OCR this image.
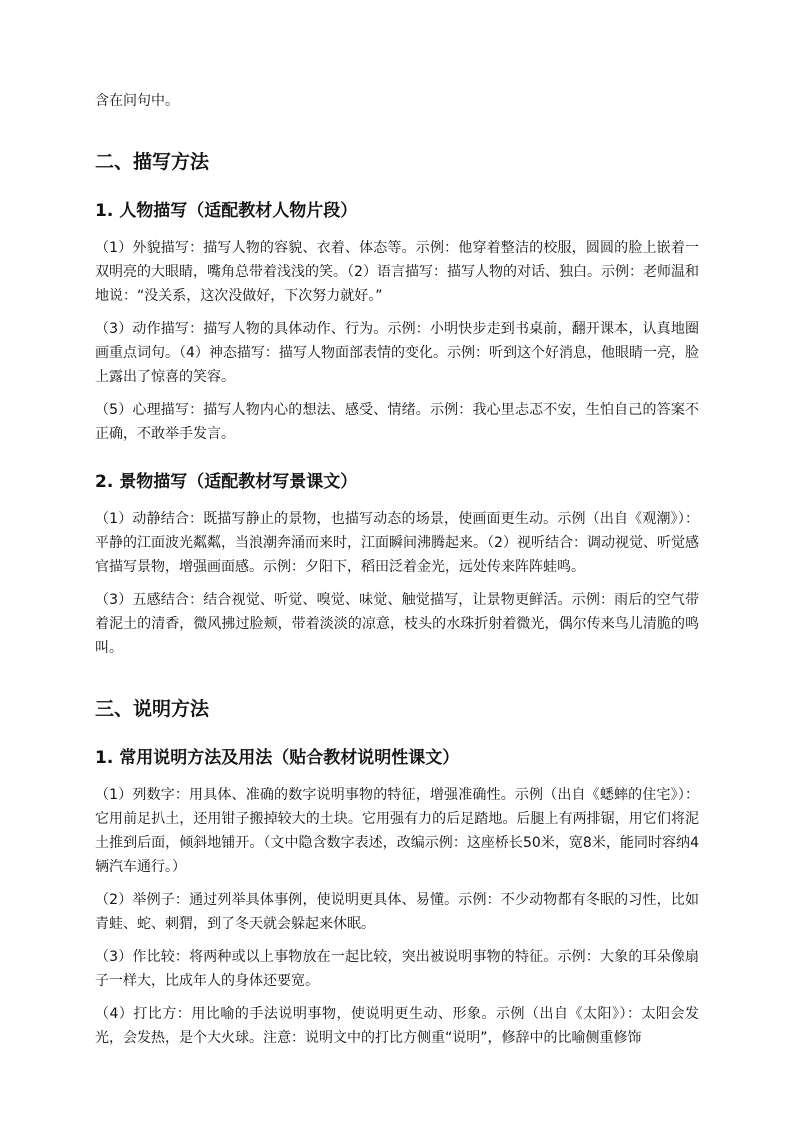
含在问句中。

二、描写方法
1. 人物描写（适配教材人物片段）

（1）外貌描写：描写人物的容貌、衣着、体态等。示例：他穿着整洁的校服，圆圆的脸上嵌着一双明亮的大眼睛，嘴角总带着浅浅的笑。（2）语言描写：描写人物的对话、独白。示例：老师温和地说：“没关系，这次没做好，下次努力就好。”

（3）动作描写：描写人物的具体动作、行为。示例：小明快步走到书桌前，翻开课本，认真地圈画重点词句。（4）神态描写：描写人物面部表情的变化。示例：听到这个好消息，他眼睛一亮，脸上露出了惊喜的笑容。

（5）心理描写：描写人物内心的想法、感受、情绪。示例：我心里忐忑不安，生怕自己的答案不正确，不敢举手发言。

2. 景物描写（适配教材写景课文）

（1）动静结合：既描写静止的景物，也描写动态的场景，使画面更生动。示例（出自《观潮》）：平静的江面波光粼粼，当浪潮奔涌而来时，江面瞬间沸腾起来。（2）视听结合：调动视觉、听觉感官描写景物，增强画面感。示例：夕阳下，稻田泛着金光，远处传来阵阵蛙鸣。

（3）五感结合：结合视觉、听觉、嗅觉、味觉、触觉描写，让景物更鲜活。示例：雨后的空气带着泥土的清香，微风拂过脸颊，带着淡淡的凉意，枝头的水珠折射着微光，偶尔传来鸟儿清脆的鸣叫。

三、说明方法
1. 常用说明方法及用法（贴合教材说明性课文）

（1）列数字：用具体、准确的数字说明事物的特征，增强准确性。示例（出自《蟋蟀的住宅》）：它用前足扒土，还用钳子搬掉较大的土块。它用强有力的后足踏地。后腿上有两排锯，用它们将泥土推到后面，倾斜地铺开。（文中隐含数字表述，改编示例：这座桥长50米，宽8米，能同时容纳4辆汽车通行。）

（2）举例子：通过列举具体事例，使说明更具体、易懂。示例：不少动物都有冬眠的习性，比如青蛙、蛇、刺猬，到了冬天就会躲起来休眠。

（3）作比较：将两种或以上事物放在一起比较，突出被说明事物的特征。示例：大象的耳朵像扇子一样大，比成年人的身体还要宽。

（4）打比方：用比喻的手法说明事物，使说明更生动、形象。示例（出自《太阳》）：太阳会发光，会发热，是个大火球。注意：说明文中的打比方侧重“说明”，修辞中的比喻侧重修饰
